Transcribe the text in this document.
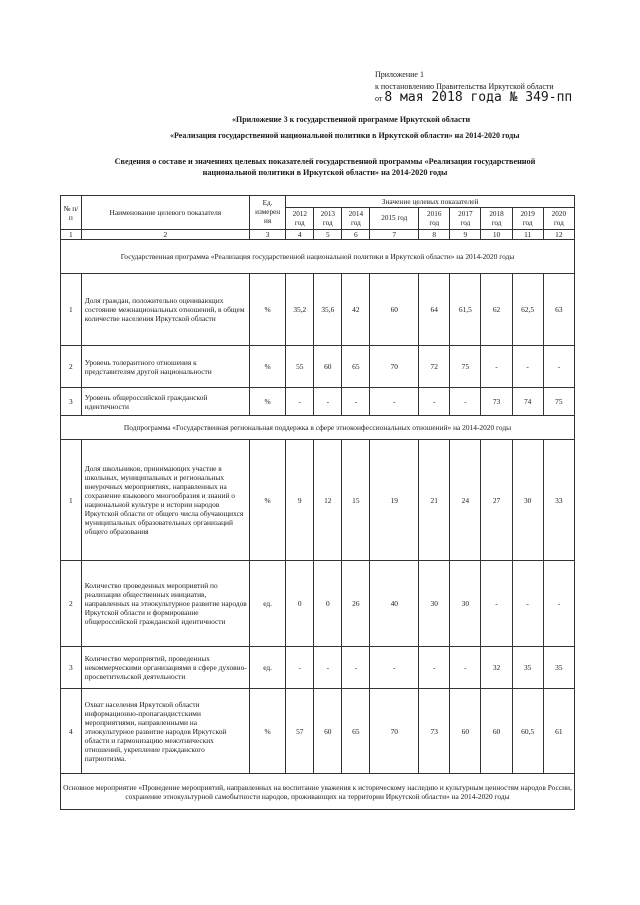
Приложение 1
к постановлению Правительства Иркутской области
от 8 мая 2018 года № 349-пп
«Приложение 3 к государственной программе Иркутской области
«Реализация государственной национальной политики в Иркутской области» на 2014-2020 годы
Сведения о составе и значениях целевых показателей государственной программы «Реализация государственной национальной политики в Иркутской области» на 2014-2020 годы
№ п/п	Наименование целевого показателя	Ед.
измерен
ия	Значение целевых показателей								

			2012
год	2013
год	2014
год	2015 год	2016
год	2017
год	2018
год	2019
год	2020
год

1	2	3	4	5	6	7	8	9	10	11	12
Государственная программа «Реализация государственной национальной политики в Иркутской области» на 2014-2020 годы											
1	Доля граждан, положительно оценивающих состояние межнациональных отношений, в общем количестве населения Иркутской области	%	35,2	35,6	42	60	64	61,5	62	62,5	63
2	Уровень толерантного отношения к представителям другой национальности	%	55	60	65	70	72	75	-	-	-
3	Уровень общероссийской гражданской идентичности	%	-	-	-	-	-	-	73	74	75
Подпрограмма «Государственная региональная поддержка в сфере этноконфессиональных отношений» на 2014-2020 годы											
1	Доля школьников, принимающих участие в школьных, муниципальных и региональных внеурочных мероприятиях, направленных на сохранение языкового многообразия и знаний о национальной культуре и истории народов Иркутской области от общего числа обучающихся муниципальных образовательных организаций общего образования	%	9	12	15	19	21	24	27	30	33
2	Количество проведенных мероприятий по реализации общественных инициатив, направленных на этнокультурное развитие народов Иркутской области и формирование общероссийской гражданской идентичности	ед.	0	0	26	40	30	30	-	-	-
3	Количество мероприятий, проведенных некоммерческими организациями в сфере духовно-просветительской деятельности	ед.	-	-	-	-	-	-	32	35	35
4	Охват населения Иркутской области информационно-пропагандистскими мероприятиями, направленными на этнокультурное развитие народов Иркутской области и гармонизацию межэтнических отношений, укрепление гражданского патриотизма.	%	57	60	65	70	73	60	60	60,5	61
Основное мероприятие «Проведение мероприятий, направленных на воспитание уважения к историческому наследию и культурным ценностям народов России, сохранение этнокультурной самобытности народов, проживающих на территории Иркутской области» на 2014-2020 годы											
